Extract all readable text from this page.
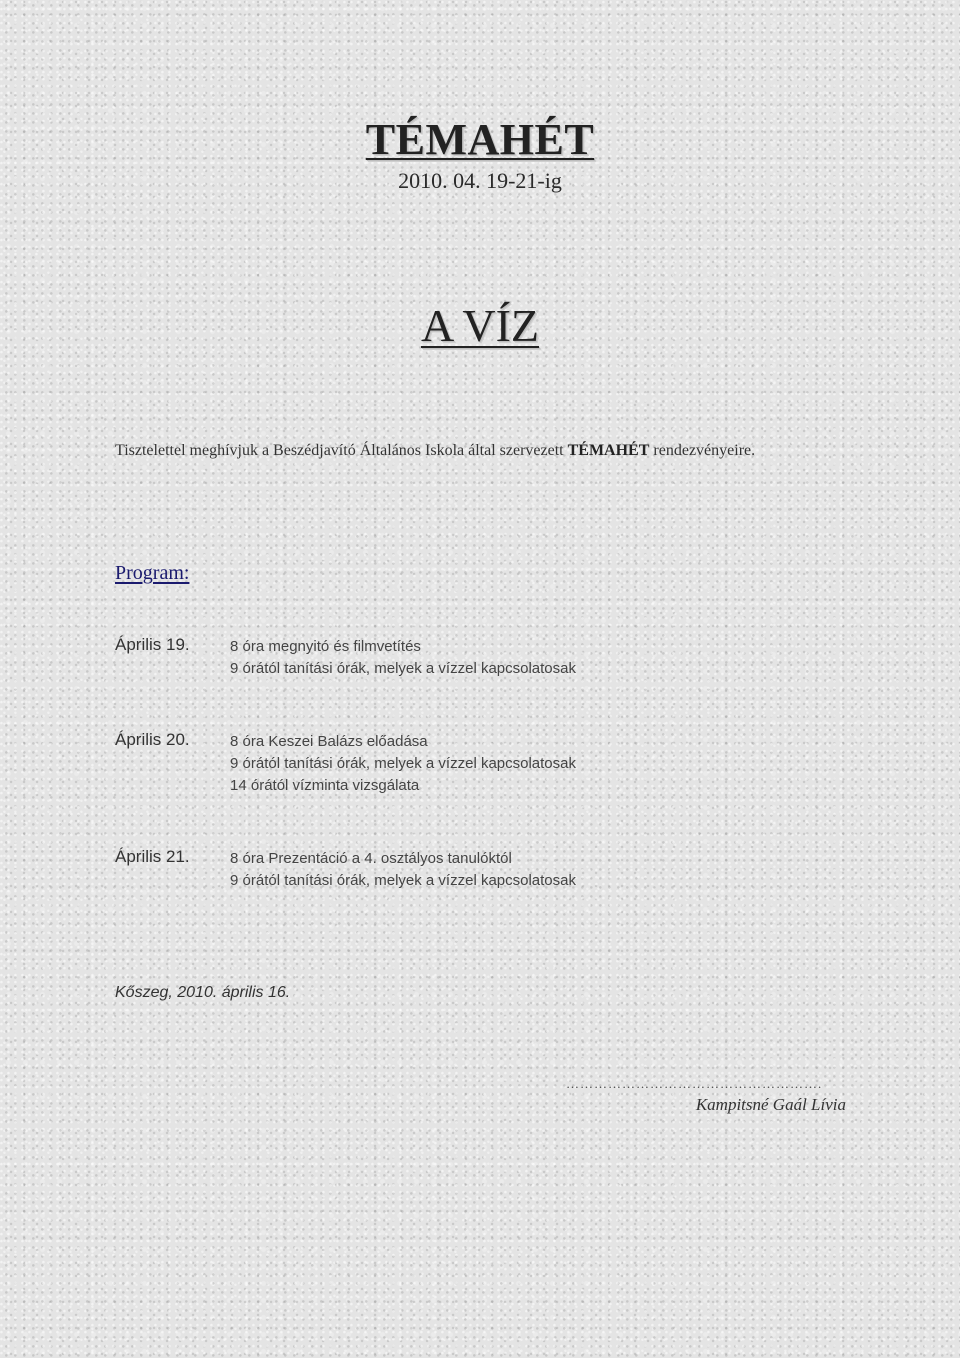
TÉMAHÉT
2010. 04. 19-21-ig
A VÍZ
Tisztelettel meghívjuk a Beszédjavító Általános Iskola által szervezett TÉMAHÉT rendezvényeire.
Program:
Április 19.	8 óra megnyitó és filmvetítés
9 órától tanítási órák, melyek a vízzel kapcsolatosak
Április 20.	8 óra Keszei Balázs előadása
9 órától tanítási órák, melyek a vízzel kapcsolatosak
14 órától vízminta vizsgálata
Április 21.	8 óra Prezentáció a 4. osztályos tanulóktól
9 órától tanítási órák, melyek a vízzel kapcsolatosak
Kőszeg, 2010. április 16.
……………………………………………….
Kampitsné Gaál Lívia
